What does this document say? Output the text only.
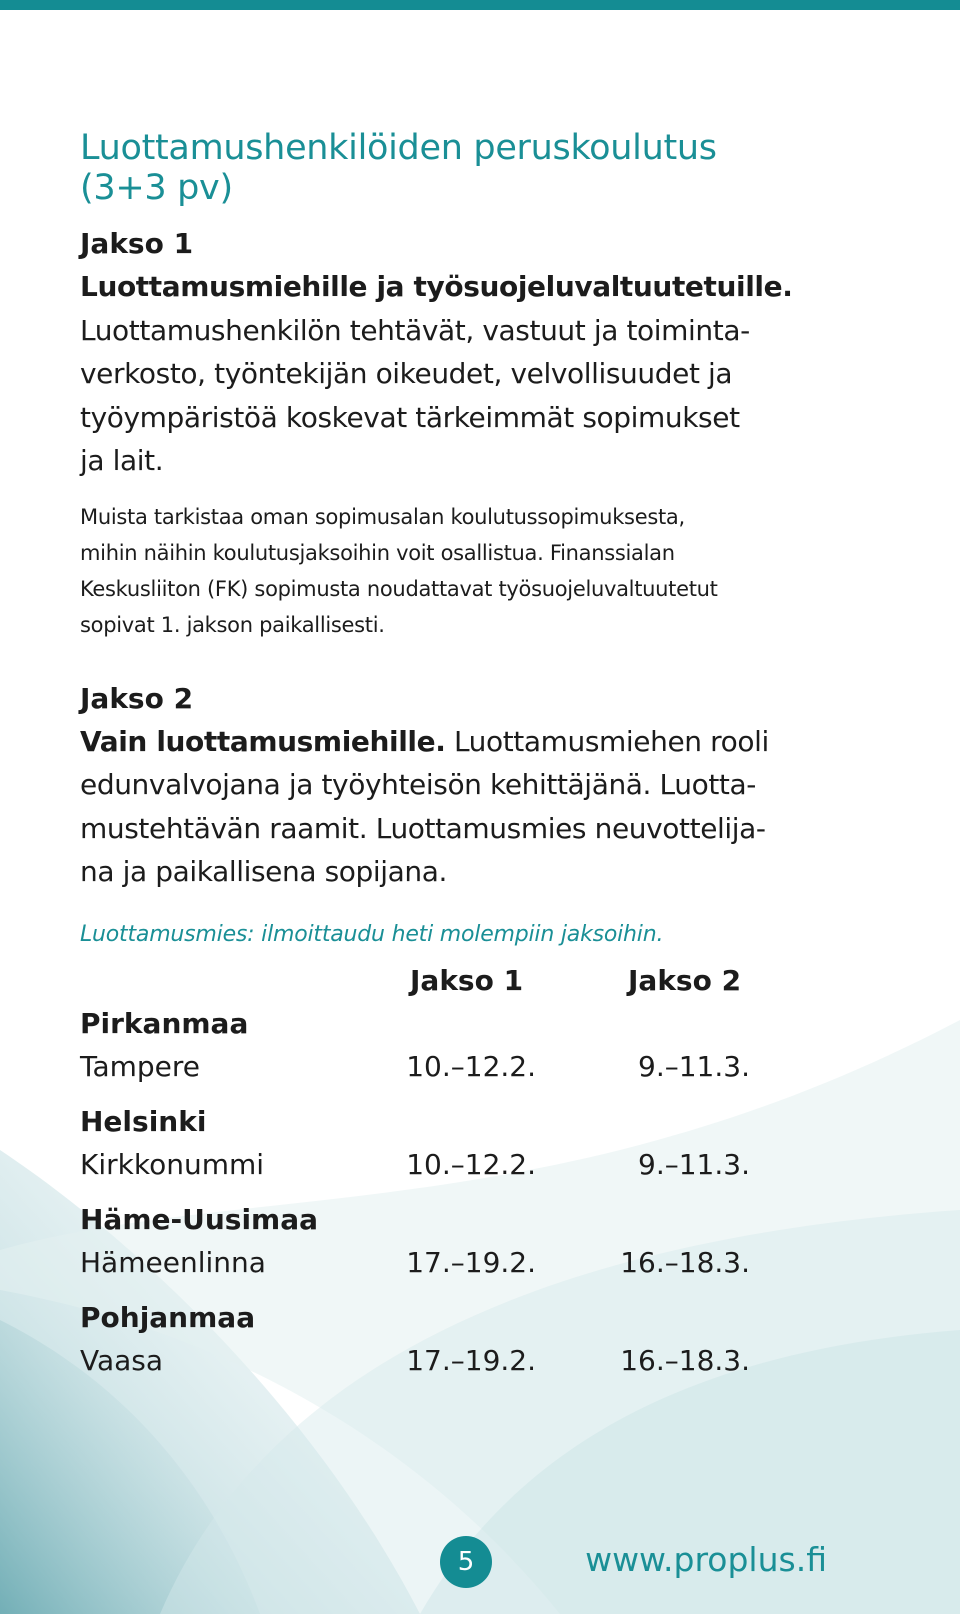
Luottamushenkilöiden peruskoulutus
(3+3 pv)
Jakso 1
Luottamusmiehille ja työsuojeluvaltuutetuille.
Luottamushenkilön tehtävät, vastuut ja toiminta-
verkosto, työntekijän oikeudet, velvollisuudet ja
työympäristöä koskevat tärkeimmät sopimukset
ja lait.
Muista tarkistaa oman sopimusalan koulutussopimuksesta,
mihin näihin koulutusjaksoihin voit osallistua. Finanssialan
Keskusliiton (FK) sopimusta noudattavat työsuojeluvaltuutetut
sopivat 1. jakson paikallisesti.
Jakso 2
Vain luottamusmiehille. Luottamusmiehen rooli
edunvalvojana ja työyhteisön kehittäjänä. Luotta-
mustehtävän raamit. Luottamusmies neuvottelija-
na ja paikallisena sopijana.
Luottamusmies: ilmoittaudu heti molempiin jaksoihin.
Jakso 1	Jakso 2
Pirkanmaa
Tampere	10.–12.2.	9.–11.3.
Helsinki
Kirkkonummi	10.–12.2.	9.–11.3.
Häme-Uusimaa
Hämeenlinna	17.–19.2.	16.–18.3.
Pohjanmaa
Vaasa	17.–19.2.	16.–18.3.
5	www.proplus.fi
